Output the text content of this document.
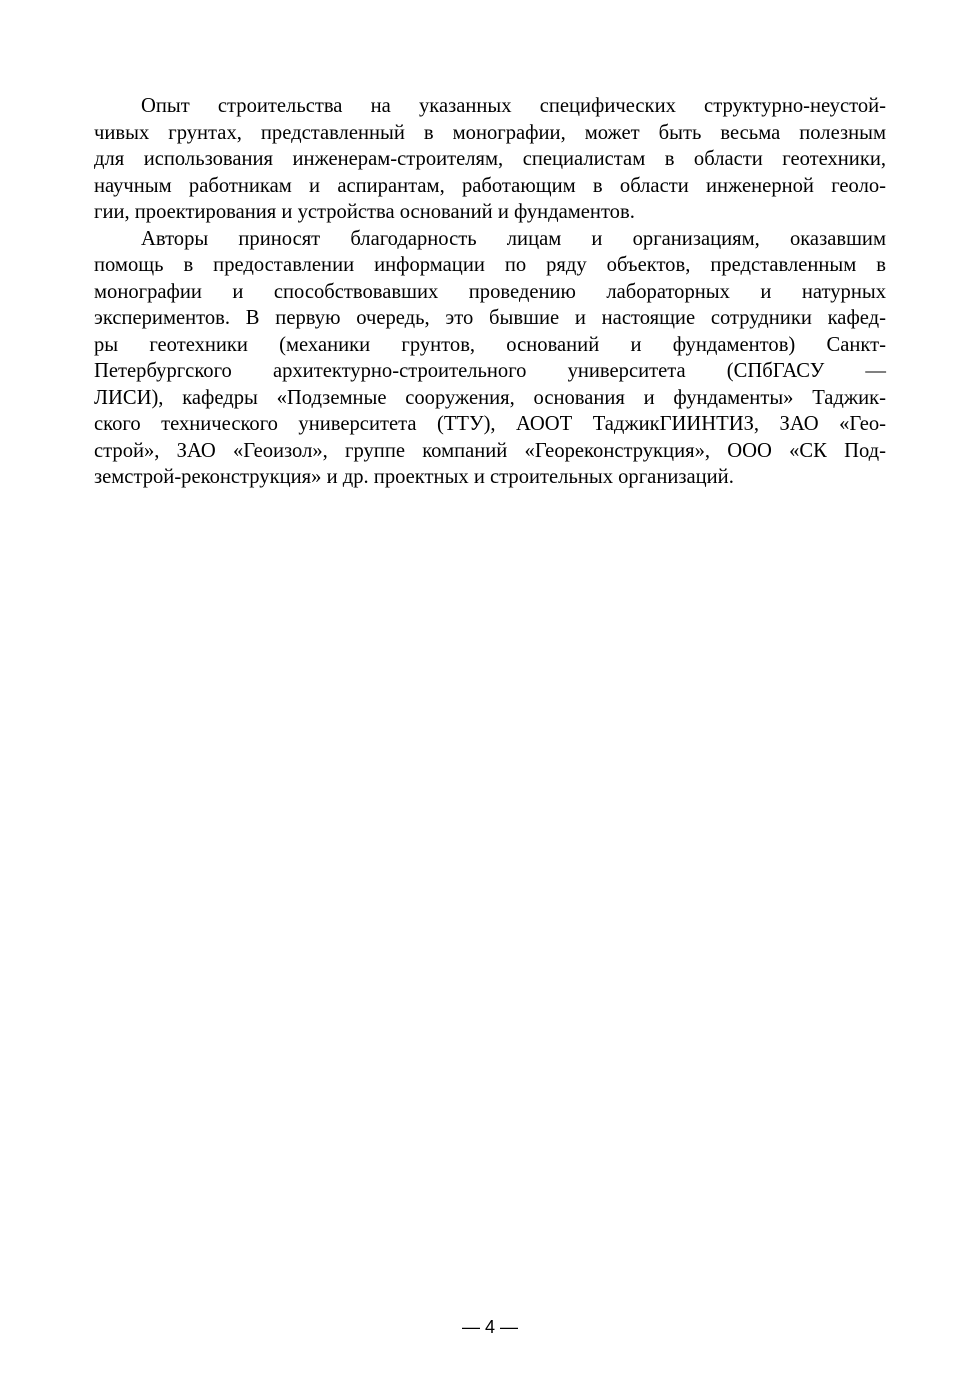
Опыт строительства на указанных специфических структурно-неустой-
чивых грунтах, представленный в монографии, может быть весьма полезным
для использования инженерам-строителям, специалистам в области геотехники,
научным работникам и аспирантам, работающим в области инженерной геоло-
гии, проектирования и устройства оснований и фундаментов.

Авторы приносят благодарность лицам и организациям, оказавшим
помощь в предоставлении информации по ряду объектов, представленным в
монографии и способствовавших проведению лабораторных и натурных
экспериментов. В первую очередь, это бывшие и настоящие сотрудники кафед-
ры геотехники (механики грунтов, оснований и фундаментов) Санкт-
Петербургского архитектурно-строительного университета (СПбГАСУ —
ЛИСИ), кафедры «Подземные сооружения, основания и фундаменты» Таджик-
ского технического университета (ТТУ), АООТ ТаджикГИИНТИЗ, ЗАО «Гео-
строй», ЗАО «Геоизол», группе компаний «Геореконструкция», ООО «СК Под-
земстрой-реконструкция» и др. проектных и строительных организаций.

— 4 —
